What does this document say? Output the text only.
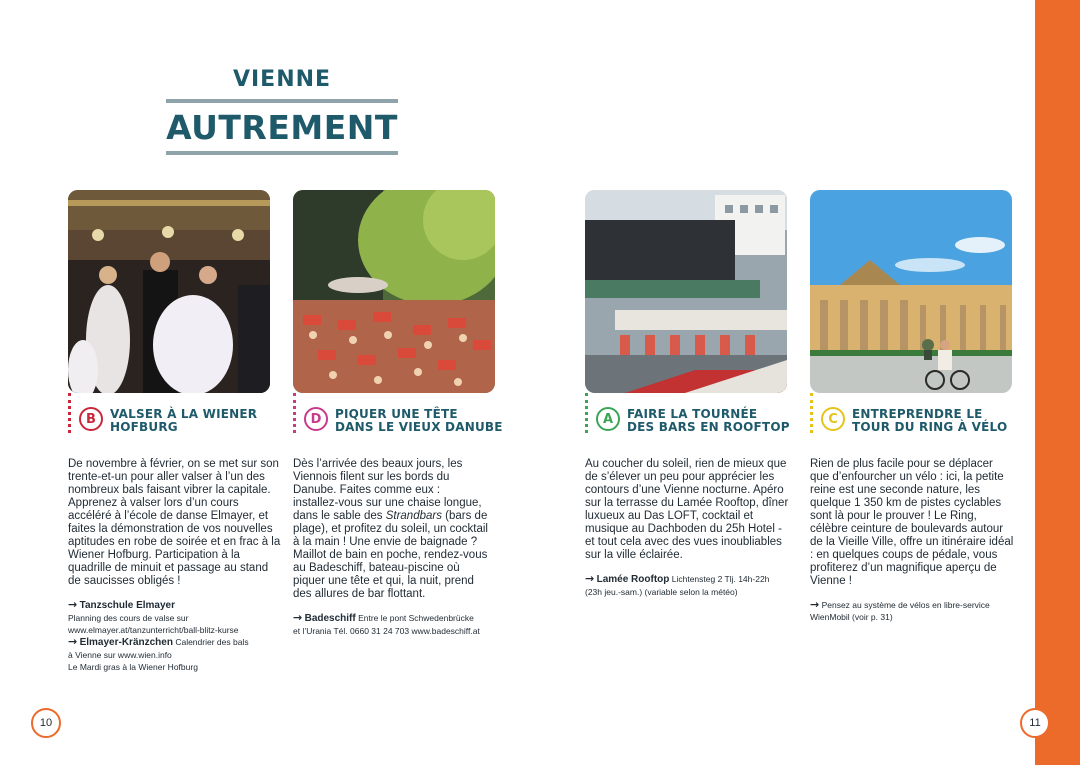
VIENNE
AUTREMENT
B	VALSER À LA WIENER
HOFBURG

De novembre à février, on se met sur son trente-et-un pour aller valser à l’un des nombreux bals faisant vibrer la capitale. Apprenez à valser lors d’un cours accéléré à l’école de danse Elmayer, et faites la démonstration de vos nouvelles aptitudes en robe de soirée et en frac à la Wiener Hofburg. Participation à la quadrille de minuit et passage au stand de saucisses obligés !

→ Tanzschule Elmayer
Planning des cours de valse sur
www.elmayer.at/tanzunterricht/ball-blitz-kurse
→ Elmayer-Kränzchen Calendrier des bals
à Vienne sur www.wien.info
Le Mardi gras à la Wiener Hofburg
D	PIQUER UNE TÊTE
DANS LE VIEUX DANUBE

Dès l’arrivée des beaux jours, les Viennois filent sur les bords du Danube. Faites comme eux : installez-vous sur une chaise longue, dans le sable des Strandbars (bars de plage), et profitez du soleil, un cocktail à la main ! Une envie de baignade ? Maillot de bain en poche, rendez-vous au Badeschiff, bateau-piscine où piquer une tête et qui, la nuit, prend des allures de bar flottant.

→ Badeschiff Entre le pont Schwedenbrücke
et l’Urania Tél. 0660 31 24 703 www.badeschiff.at
A	FAIRE LA TOURNÉE
DES BARS EN ROOFTOP

Au coucher du soleil, rien de mieux que de s’élever un peu pour apprécier les contours d’une Vienne nocturne. Apéro sur la terrasse du Lamée Rooftop, dîner luxueux au Das LOFT, cocktail et musique au Dachboden du 25h Hotel - et tout cela avec des vues inoubliables sur la ville éclairée.

→ Lamée Rooftop Lichtensteg 2 Tlj. 14h-22h
(23h jeu.-sam.) (variable selon la météo)
C	ENTREPRENDRE LE
TOUR DU RING À VÉLO

Rien de plus facile pour se déplacer que d’enfourcher un vélo : ici, la petite reine est une seconde nature, les quelque 1 350 km de pistes cyclables sont là pour le prouver ! Le Ring, célèbre ceinture de boulevards autour de la Vieille Ville, offre un itinéraire idéal : en quelques coups de pédale, vous profiterez d’un magnifique aperçu de Vienne !

→ Pensez au système de vélos en libre-service
WienMobil (voir p. 31)
10	11
